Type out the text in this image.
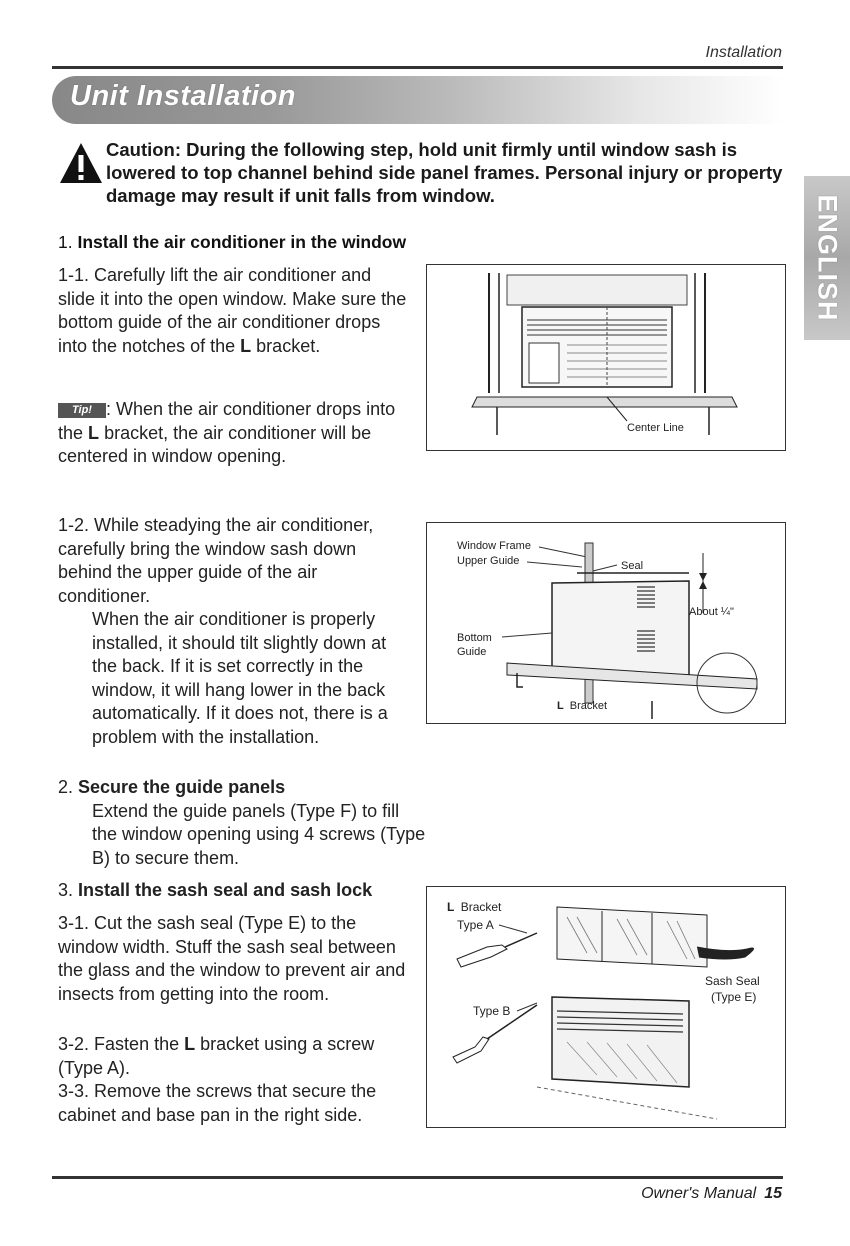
Installation
Unit Installation
ENGLISH
Caution: During the following step, hold unit firmly until window sash is lowered to top channel behind side panel frames. Personal injury or property damage may result if unit falls from window.
1. Install the air conditioner in the window
1-1. Carefully lift the air conditioner and slide it into the open window. Make sure the bottom guide of the air conditioner drops into the notches of the L bracket.
Tip! : When the air conditioner drops into the L bracket, the air conditioner will be centered in window opening.
Center Line
1-2. While steadying the air conditioner, carefully bring the window sash down behind the upper guide of the air conditioner.
When the air conditioner is properly installed, it should tilt slightly down at the back. If it is set correctly in the window, it will hang lower in the back automatically. If it does not, there is a problem with the installation.
Window Frame
Upper Guide	Seal
About ¼"
Bottom
Guide
L Bracket
2. Secure the guide panels
Extend the guide panels (Type F) to fill the window opening using 4 screws (Type B) to secure them.
3. Install the sash seal and sash lock
3-1. Cut the sash seal (Type E) to the window width. Stuff the sash seal between the glass and the window to prevent air and insects from getting into the room.
3-2. Fasten the L bracket using a screw (Type A).
3-3. Remove the screws that secure the cabinet and base pan in the right side.
L Bracket
Type A
Sash Seal
(Type E)
Type B
Owner's Manual 15
